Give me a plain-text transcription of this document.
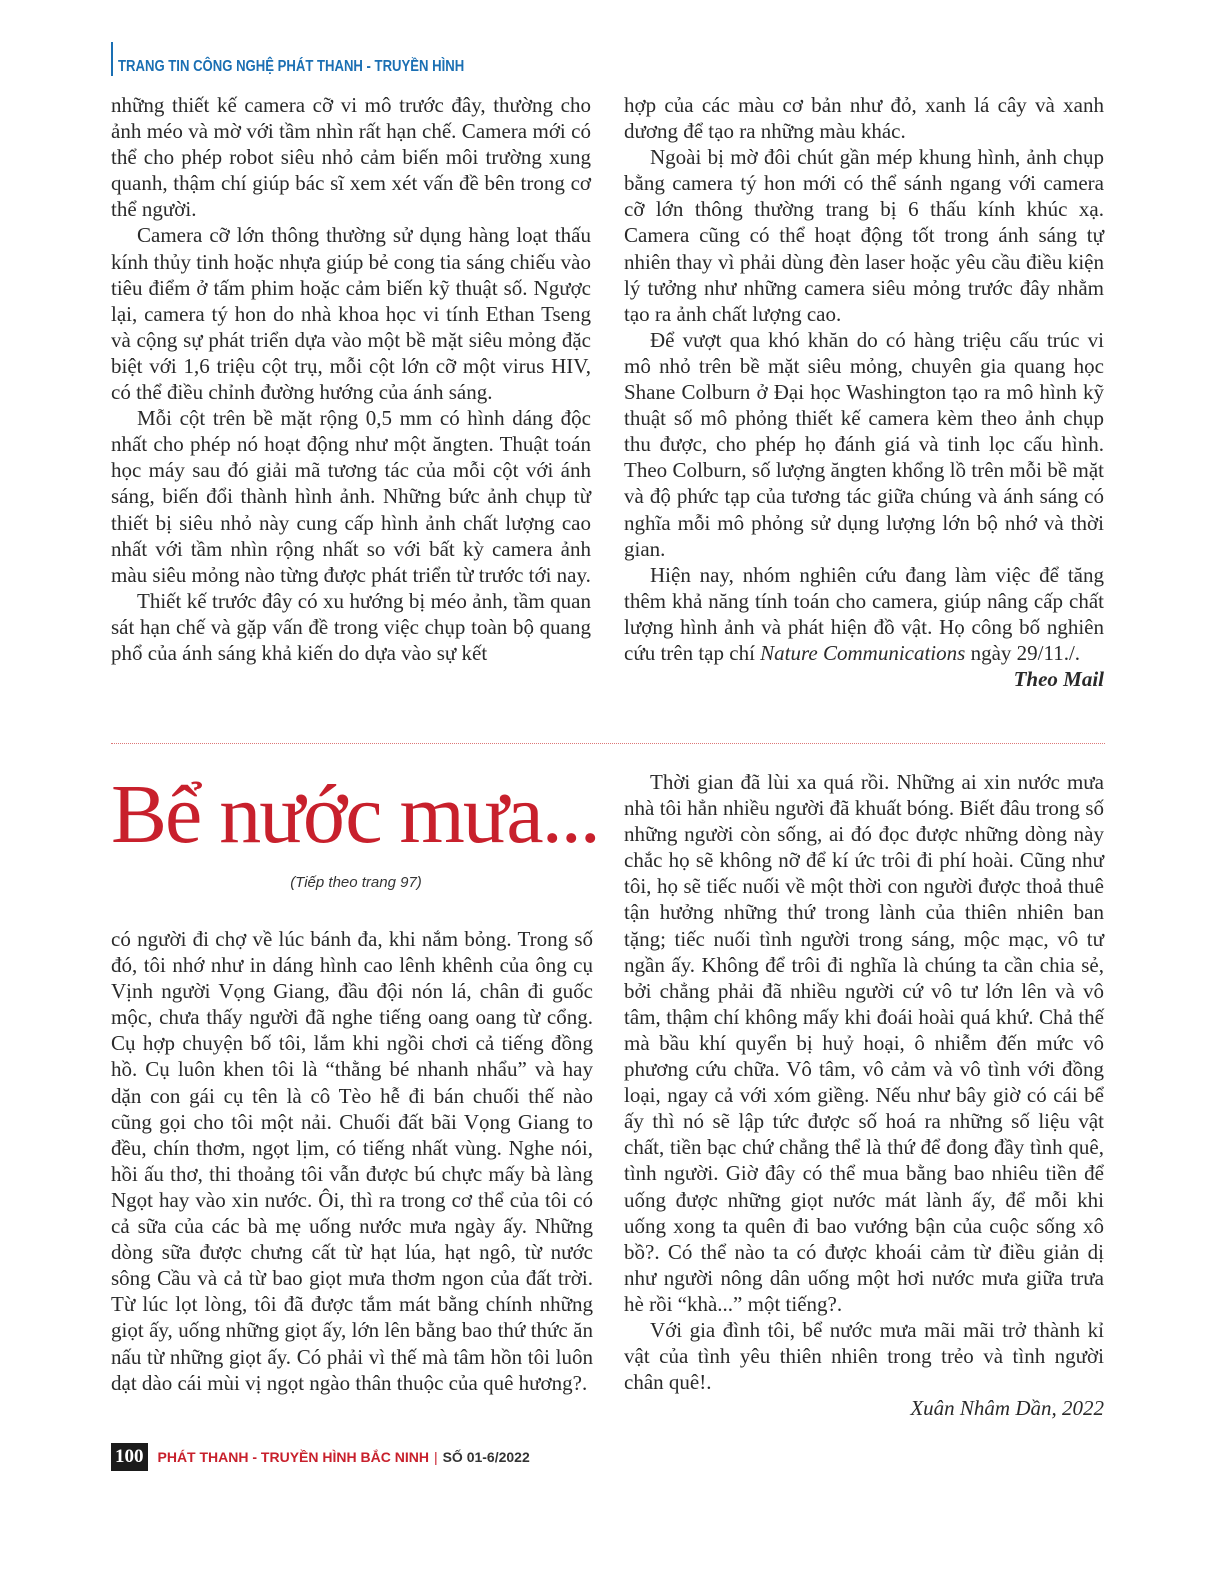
TRANG TIN CÔNG NGHỆ PHÁT THANH - TRUYỀN HÌNH

những thiết kế camera cỡ vi mô trước đây, thường cho ảnh méo và mờ với tầm nhìn rất hạn chế. Camera mới có thể cho phép robot siêu nhỏ cảm biến môi trường xung quanh, thậm chí giúp bác sĩ xem xét vấn đề bên trong cơ thể người.

Camera cỡ lớn thông thường sử dụng hàng loạt thấu kính thủy tinh hoặc nhựa giúp bẻ cong tia sáng chiếu vào tiêu điểm ở tấm phim hoặc cảm biến kỹ thuật số. Ngược lại, camera tý hon do nhà khoa học vi tính Ethan Tseng và cộng sự phát triển dựa vào một bề mặt siêu mỏng đặc biệt với 1,6 triệu cột trụ, mỗi cột lớn cỡ một virus HIV, có thể điều chỉnh đường hướng của ánh sáng.

Mỗi cột trên bề mặt rộng 0,5 mm có hình dáng độc nhất cho phép nó hoạt động như một ăngten. Thuật toán học máy sau đó giải mã tương tác của mỗi cột với ánh sáng, biến đổi thành hình ảnh. Những bức ảnh chụp từ thiết bị siêu nhỏ này cung cấp hình ảnh chất lượng cao nhất với tầm nhìn rộng nhất so với bất kỳ camera ảnh màu siêu mỏng nào từng được phát triển từ trước tới nay.

Thiết kế trước đây có xu hướng bị méo ảnh, tầm quan sát hạn chế và gặp vấn đề trong việc chụp toàn bộ quang phổ của ánh sáng khả kiến do dựa vào sự kết

hợp của các màu cơ bản như đỏ, xanh lá cây và xanh dương để tạo ra những màu khác.

Ngoài bị mờ đôi chút gần mép khung hình, ảnh chụp bằng camera tý hon mới có thể sánh ngang với camera cỡ lớn thông thường trang bị 6 thấu kính khúc xạ. Camera cũng có thể hoạt động tốt trong ánh sáng tự nhiên thay vì phải dùng đèn laser hoặc yêu cầu điều kiện lý tưởng như những camera siêu mỏng trước đây nhằm tạo ra ảnh chất lượng cao.

Để vượt qua khó khăn do có hàng triệu cấu trúc vi mô nhỏ trên bề mặt siêu mỏng, chuyên gia quang học Shane Colburn ở Đại học Washington tạo ra mô hình kỹ thuật số mô phỏng thiết kế camera kèm theo ảnh chụp thu được, cho phép họ đánh giá và tinh lọc cấu hình. Theo Colburn, số lượng ăngten khổng lồ trên mỗi bề mặt và độ phức tạp của tương tác giữa chúng và ánh sáng có nghĩa mỗi mô phỏng sử dụng lượng lớn bộ nhớ và thời gian.

Hiện nay, nhóm nghiên cứu đang làm việc để tăng thêm khả năng tính toán cho camera, giúp nâng cấp chất lượng hình ảnh và phát hiện đồ vật. Họ công bố nghiên cứu trên tạp chí Nature Communications ngày 29/11./.

Theo Mail

Bể nước mưa...
(Tiếp theo trang 97)

có người đi chợ về lúc bánh đa, khi nắm bỏng. Trong số đó, tôi nhớ như in dáng hình cao lênh khênh của ông cụ Vịnh người Vọng Giang, đầu đội nón lá, chân đi guốc mộc, chưa thấy người đã nghe tiếng oang oang từ cổng. Cụ hợp chuyện bố tôi, lắm khi ngồi chơi cả tiếng đồng hồ. Cụ luôn khen tôi là “thằng bé nhanh nhẩu” và hay dặn con gái cụ tên là cô Tèo hễ đi bán chuối thế nào cũng gọi cho tôi một nải. Chuối đất bãi Vọng Giang to đều, chín thơm, ngọt lịm, có tiếng nhất vùng. Nghe nói, hồi ấu thơ, thi thoảng tôi vẫn được bú chực mấy bà làng Ngọt hay vào xin nước. Ôi, thì ra trong cơ thể của tôi có cả sữa của các bà mẹ uống nước mưa ngày ấy. Những dòng sữa được chưng cất từ hạt lúa, hạt ngô, từ nước sông Cầu và cả từ bao giọt mưa thơm ngon của đất trời. Từ lúc lọt lòng, tôi đã được tắm mát bằng chính những giọt ấy, uống những giọt ấy, lớn lên bằng bao thứ thức ăn nấu từ những giọt ấy. Có phải vì thế mà tâm hồn tôi luôn dạt dào cái mùi vị ngọt ngào thân thuộc của quê hương?.

Thời gian đã lùi xa quá rồi. Những ai xin nước mưa nhà tôi hẳn nhiều người đã khuất bóng. Biết đâu trong số những người còn sống, ai đó đọc được những dòng này chắc họ sẽ không nỡ để kí ức trôi đi phí hoài. Cũng như tôi, họ sẽ tiếc nuối về một thời con người được thoả thuê tận hưởng những thứ trong lành của thiên nhiên ban tặng; tiếc nuối tình người trong sáng, mộc mạc, vô tư ngần ấy. Không để trôi đi nghĩa là chúng ta cần chia sẻ, bởi chẳng phải đã nhiều người cứ vô tư lớn lên và vô tâm, thậm chí không mấy khi đoái hoài quá khứ. Chả thế mà bầu khí quyển bị huỷ hoại, ô nhiễm đến mức vô phương cứu chữa. Vô tâm, vô cảm và vô tình với đồng loại, ngay cả với xóm giềng. Nếu như bây giờ có cái bể ấy thì nó sẽ lập tức được số hoá ra những số liệu vật chất, tiền bạc chứ chẳng thể là thứ để đong đầy tình quê, tình người. Giờ đây có thể mua bằng bao nhiêu tiền để uống được những giọt nước mát lành ấy, để mỗi khi uống xong ta quên đi bao vướng bận của cuộc sống xô bồ?. Có thể nào ta có được khoái cảm từ điều giản dị như người nông dân uống một hơi nước mưa giữa trưa hè rồi “khà...” một tiếng?.

Với gia đình tôi, bể nước mưa mãi mãi trở thành kỉ vật của tình yêu thiên nhiên trong trẻo và tình người chân quê!.

Xuân Nhâm Dần, 2022

100 PHÁT THANH - TRUYỀN HÌNH BẮC NINH | SỐ 01-6/2022
